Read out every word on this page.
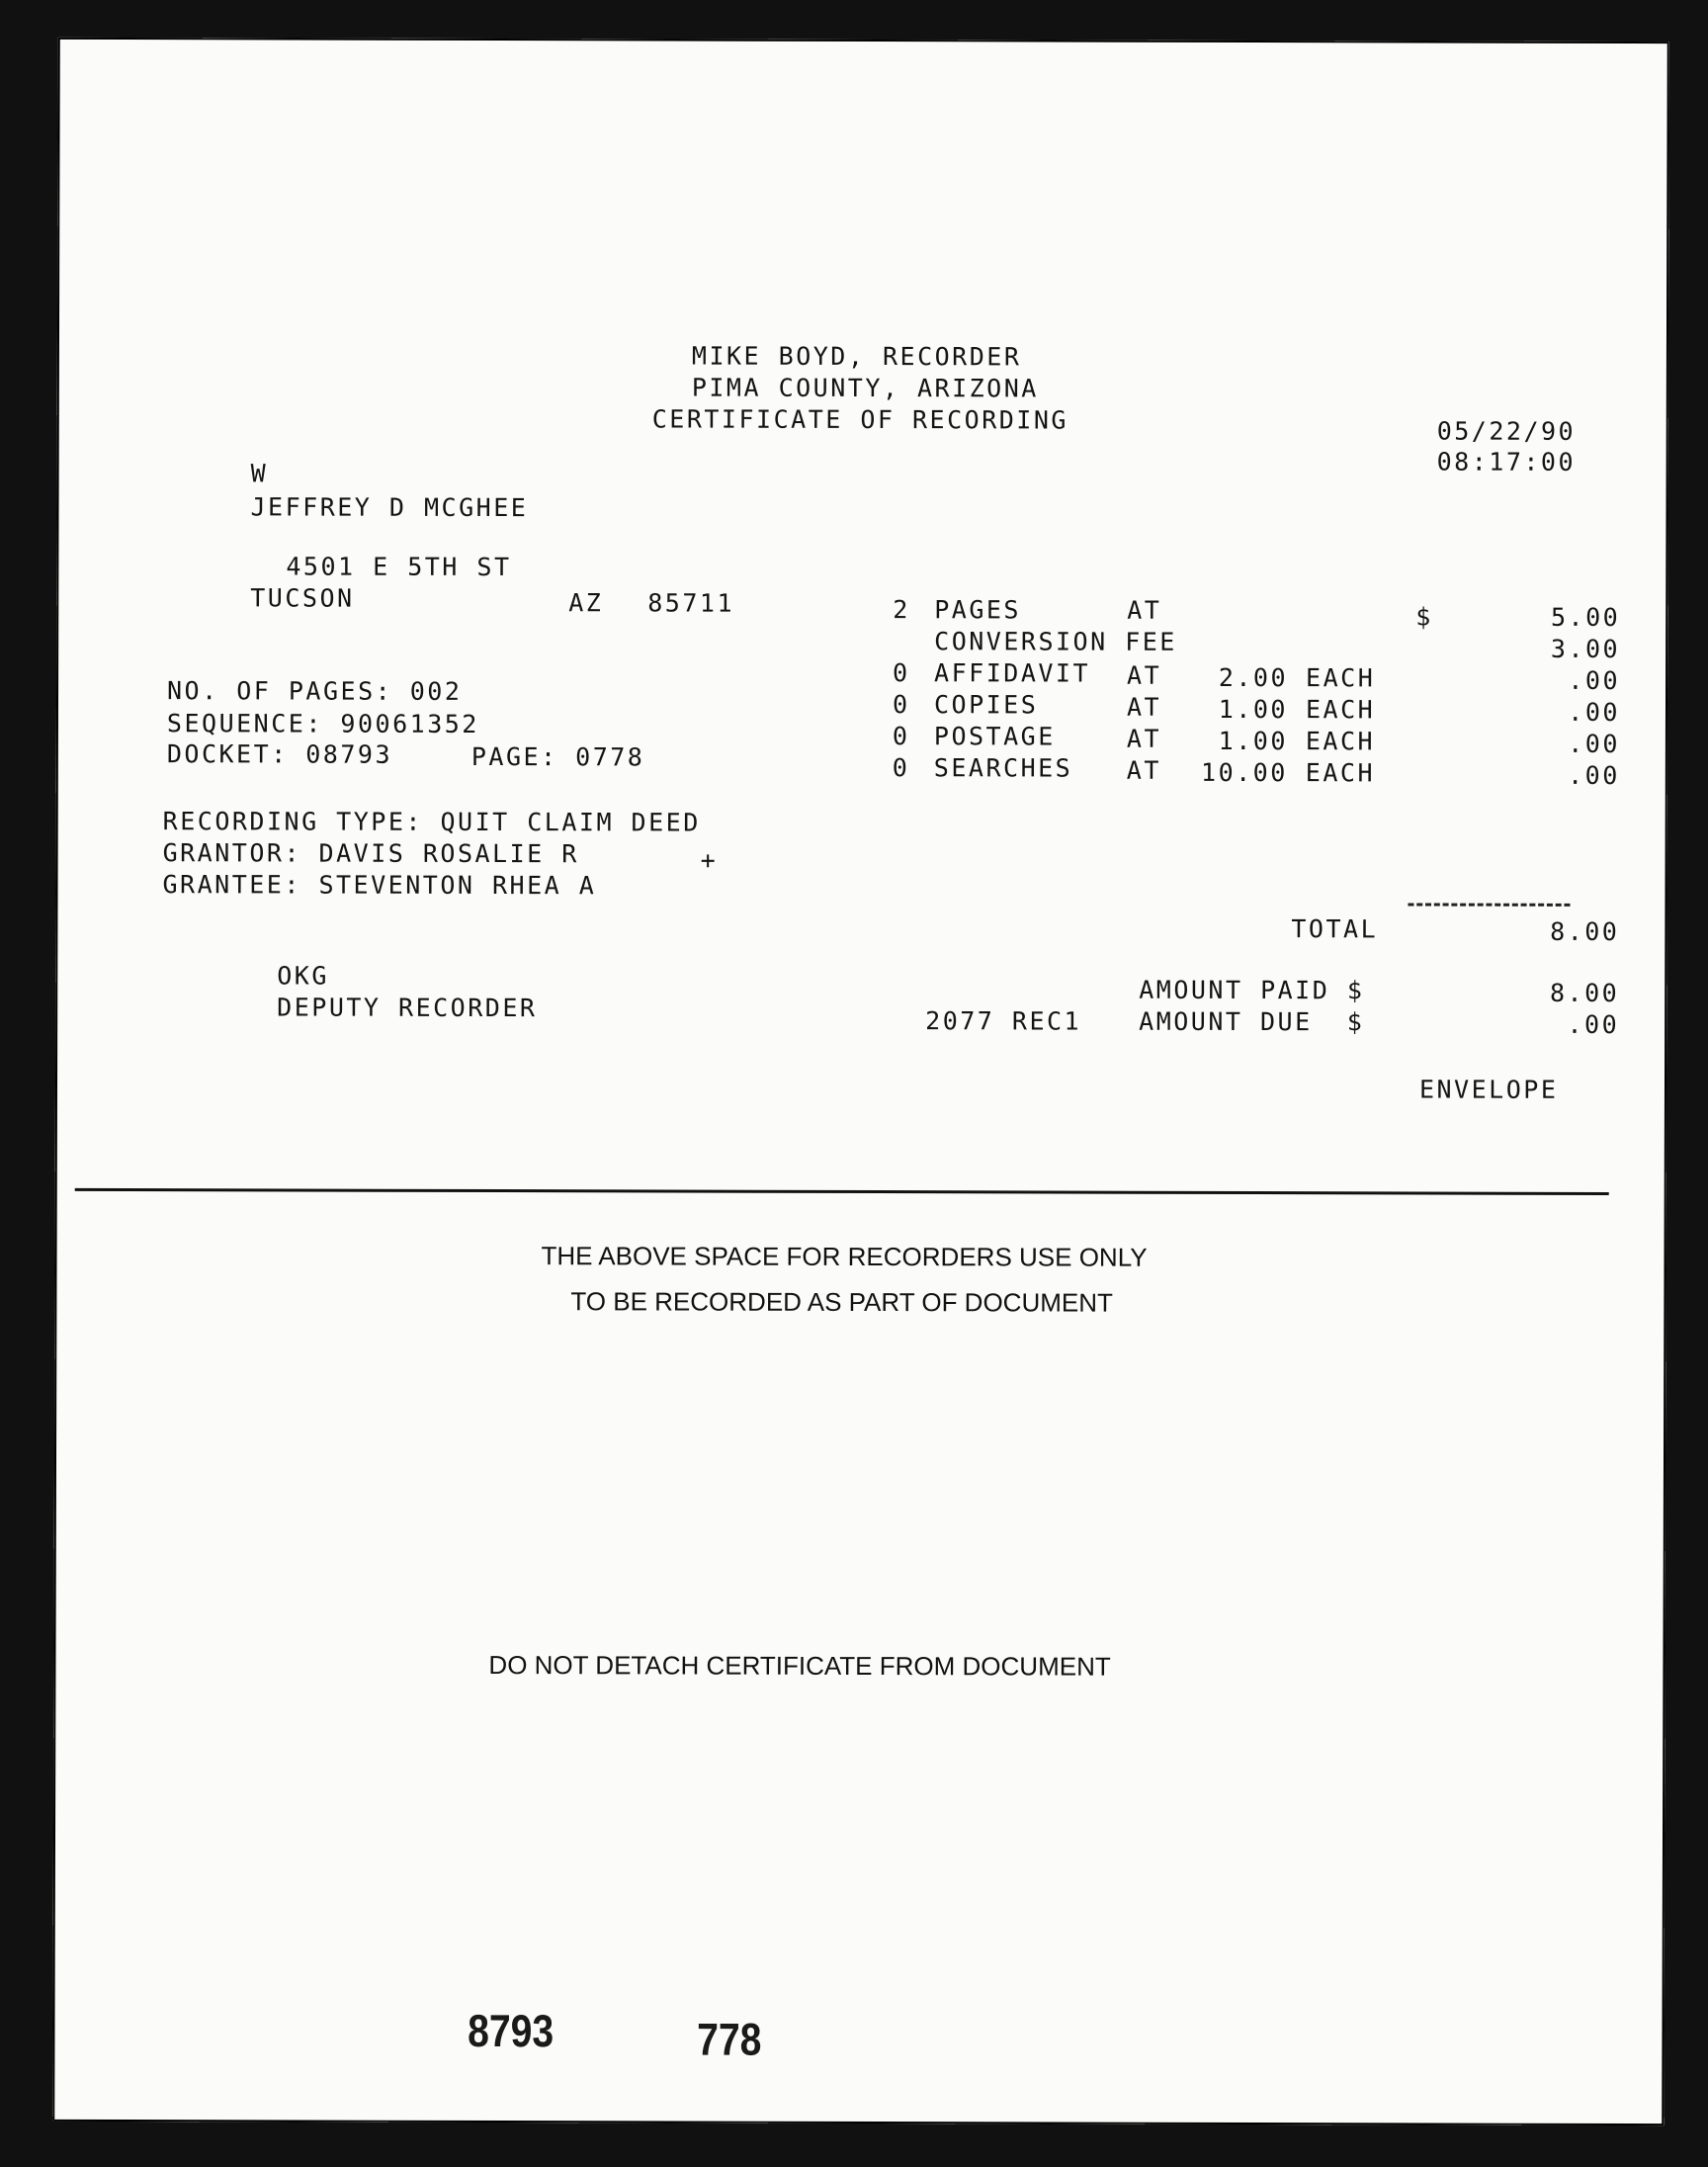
MIKE BOYD, RECORDER
PIMA COUNTY, ARIZONA
CERTIFICATE OF RECORDING	05/22/90
08:17:00
W
JEFFREY D MCGHEE
4501 E 5TH ST
TUCSON	AZ 85711
NO. OF PAGES: 002
SEQUENCE: 90061352
DOCKET: 08793	PAGE: 0778
RECORDING TYPE: QUIT CLAIM DEED
GRANTOR: DAVIS ROSALIE R	+
GRANTEE: STEVENTON RHEA A
2 PAGES	AT	$	5.00
CONVERSION FEE	3.00
0 AFFIDAVIT AT	2.00 EACH	.00
0 COPIES	AT	1.00 EACH	.00
0 POSTAGE	AT	1.00 EACH	.00
0 SEARCHES AT	10.00 EACH	.00
TOTAL	8.00
OKG
DEPUTY RECORDER
AMOUNT PAID $	8.00
2077 REC1 AMOUNT DUE  $	.00
ENVELOPE
THE ABOVE SPACE FOR RECORDERS USE ONLY
TO BE RECORDED AS PART OF DOCUMENT
DO NOT DETACH CERTIFICATE FROM DOCUMENT
8793	778
